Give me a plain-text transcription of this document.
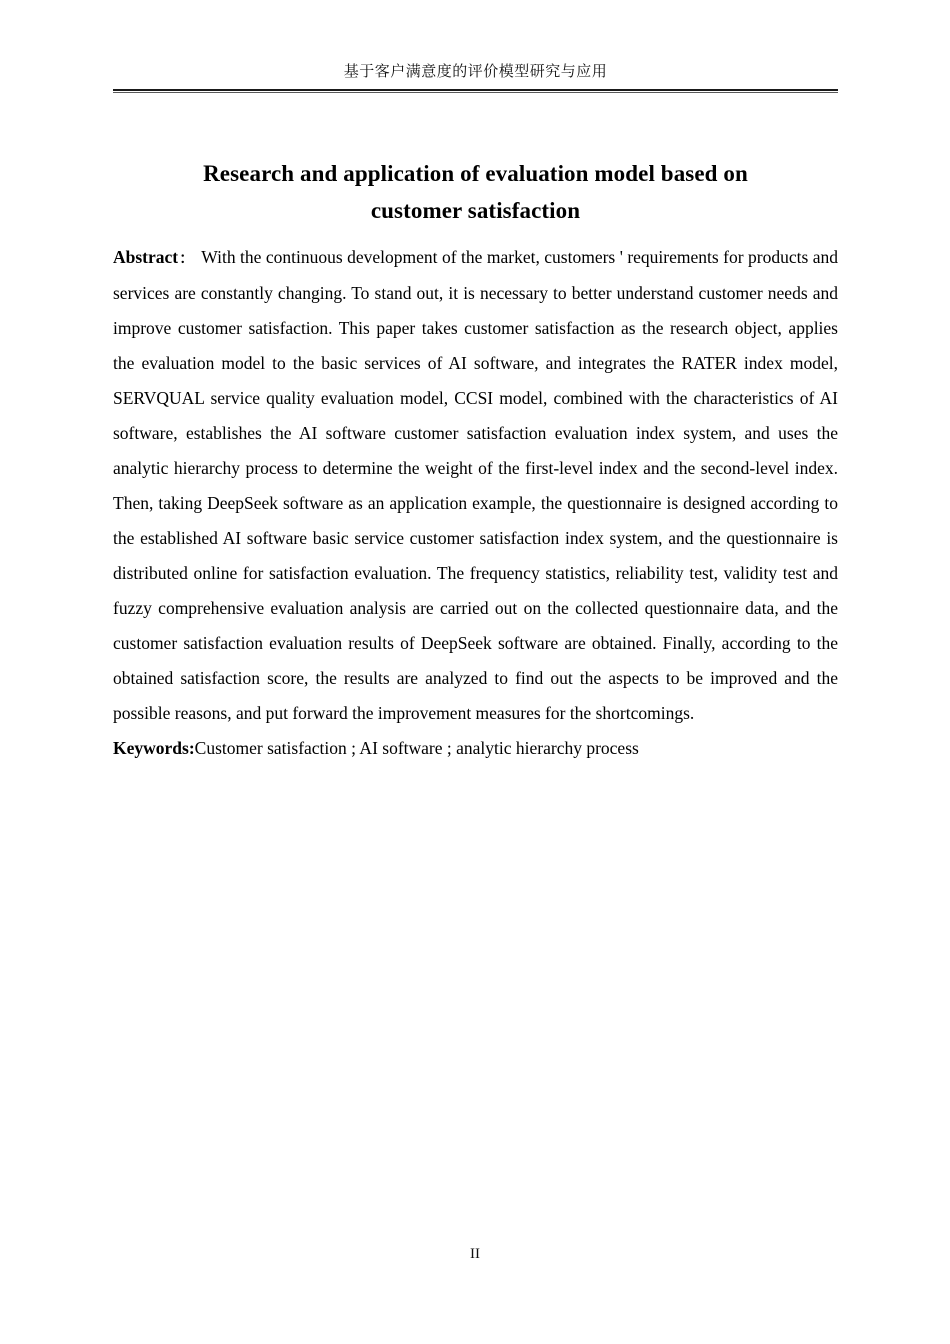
基于客户满意度的评价模型研究与应用
Research and application of evaluation model based on
customer satisfaction

Abstract： With the continuous development of the market, customers ' requirements for products and services are constantly changing. To stand out, it is necessary to better understand customer needs and improve customer satisfaction. This paper takes customer satisfaction as the research object, applies the evaluation model to the basic services of AI software, and integrates the RATER index model, SERVQUAL service quality evaluation model, CCSI model, combined with the characteristics of AI software, establishes the AI software customer satisfaction evaluation index system, and uses the analytic hierarchy process to determine the weight of the first-level index and the second-level index. Then, taking DeepSeek software as an application example, the questionnaire is designed according to the established AI software basic service customer satisfaction index system, and the questionnaire is distributed online for satisfaction evaluation. The frequency statistics, reliability test, validity test and fuzzy comprehensive evaluation analysis are carried out on the collected questionnaire data, and the customer satisfaction evaluation results of DeepSeek software are obtained. Finally, according to the obtained satisfaction score, the results are analyzed to find out the aspects to be improved and the possible reasons, and put forward the improvement measures for the shortcomings.

Keywords:Customer satisfaction ; AI software ; analytic hierarchy process

II
